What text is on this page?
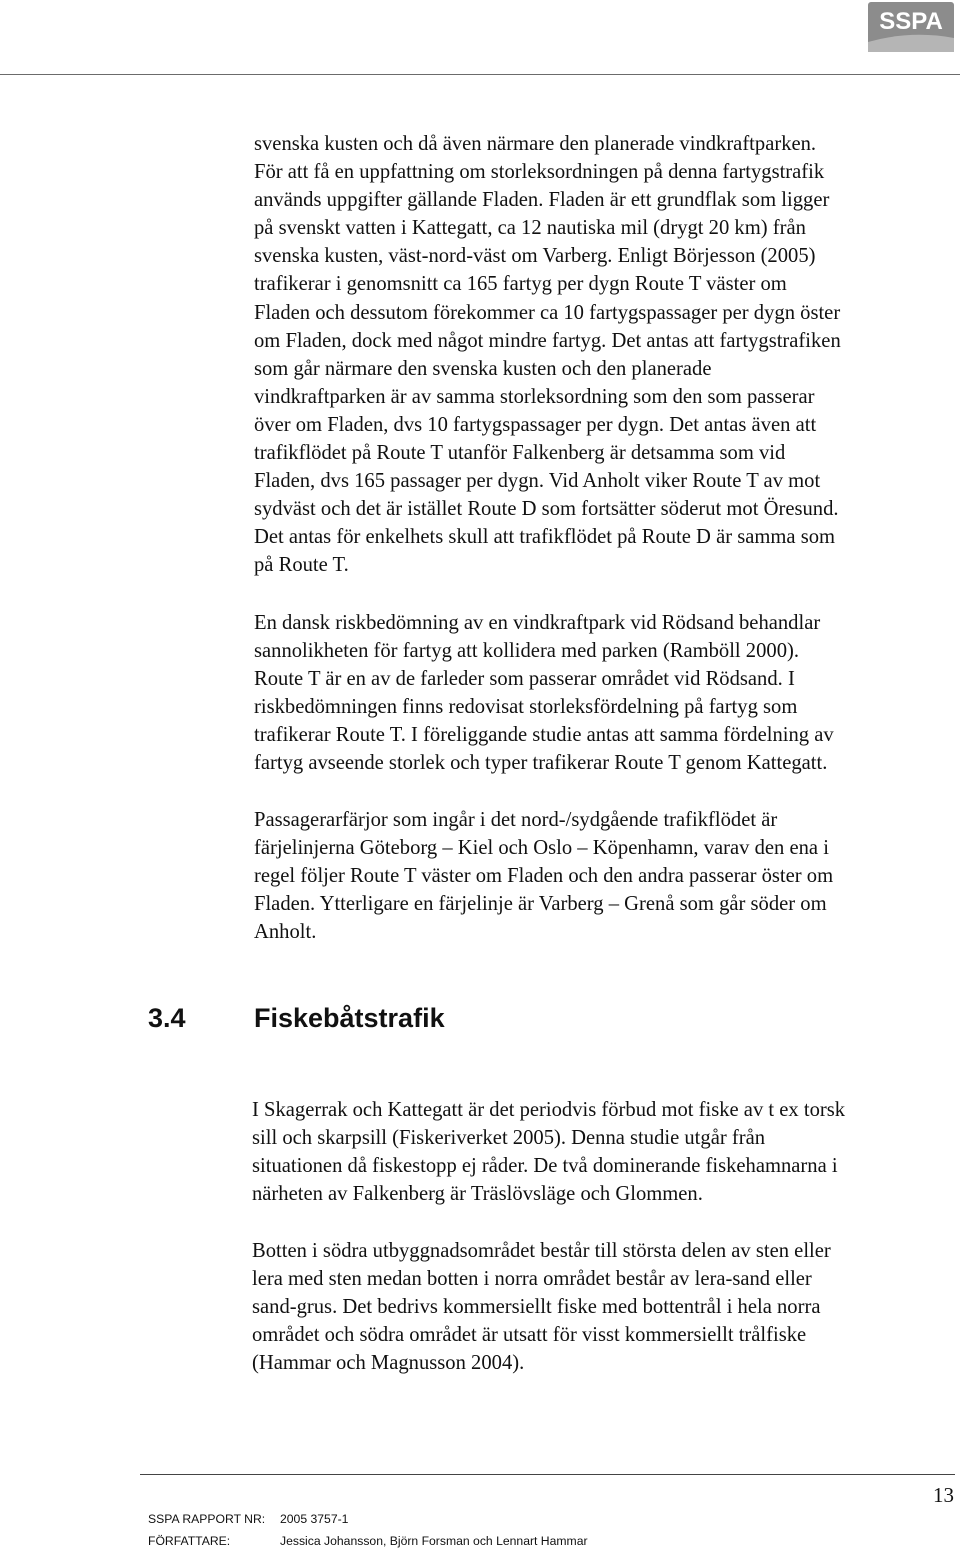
SSPA

svenska kusten och då även närmare den planerade vindkraftparken.
För att få en uppfattning om storleksordningen på denna fartygstrafik
används uppgifter gällande Fladen. Fladen är ett grundflak som ligger
på svenskt vatten i Kattegatt, ca 12 nautiska mil (drygt 20 km) från
svenska kusten, väst-nord-väst om Varberg. Enligt Börjesson (2005)
trafikerar i genomsnitt ca 165 fartyg per dygn Route T väster om
Fladen och dessutom förekommer ca 10 fartygspassager per dygn öster
om Fladen, dock med något mindre fartyg. Det antas att fartygstrafiken
som går närmare den svenska kusten och den planerade
vindkraftparken är av samma storleksordning som den som passerar
över om Fladen, dvs 10 fartygspassager per dygn. Det antas även att
trafikflödet på Route T utanför Falkenberg är detsamma som vid
Fladen, dvs 165 passager per dygn. Vid Anholt viker Route T av mot
sydväst och det är istället Route D som fortsätter söderut mot Öresund.
Det antas för enkelhets skull att trafikflödet på Route D är samma som
på Route T.

En dansk riskbedömning av en vindkraftpark vid Rödsand behandlar
sannolikheten för fartyg att kollidera med parken (Ramböll 2000).
Route T är en av de farleder som passerar området vid Rödsand. I
riskbedömningen finns redovisat storleksfördelning på fartyg som
trafikerar Route T. I föreliggande studie antas att samma fördelning av
fartyg avseende storlek och typer trafikerar Route T genom Kattegatt.

Passagerarfärjor som ingår i det nord-/sydgående trafikflödet är
färjelinjerna Göteborg – Kiel och Oslo – Köpenhamn, varav den ena i
regel följer Route T väster om Fladen och den andra passerar öster om
Fladen. Ytterligare en färjelinje är Varberg – Grenå som går söder om
Anholt.

3.4	Fiskebåtstrafik

I Skagerrak och Kattegatt är det periodvis förbud mot fiske av t ex torsk
sill och skarpsill (Fiskeriverket 2005). Denna studie utgår från
situationen då fiskestopp ej råder. De två dominerande fiskehamnarna i
närheten av Falkenberg är Träslövsläge och Glommen.

Botten i södra utbyggnadsområdet består till största delen av sten eller
lera med sten medan botten i norra området består av lera-sand eller
sand-grus. Det bedrivs kommersiellt fiske med bottentrål i hela norra
området och södra området är utsatt för visst kommersiellt trålfiske
(Hammar och Magnusson 2004).

13
SSPA RAPPORT NR: 2005 3757-1
FÖRFATTARE:	Jessica Johansson, Björn Forsman och Lennart Hammar
